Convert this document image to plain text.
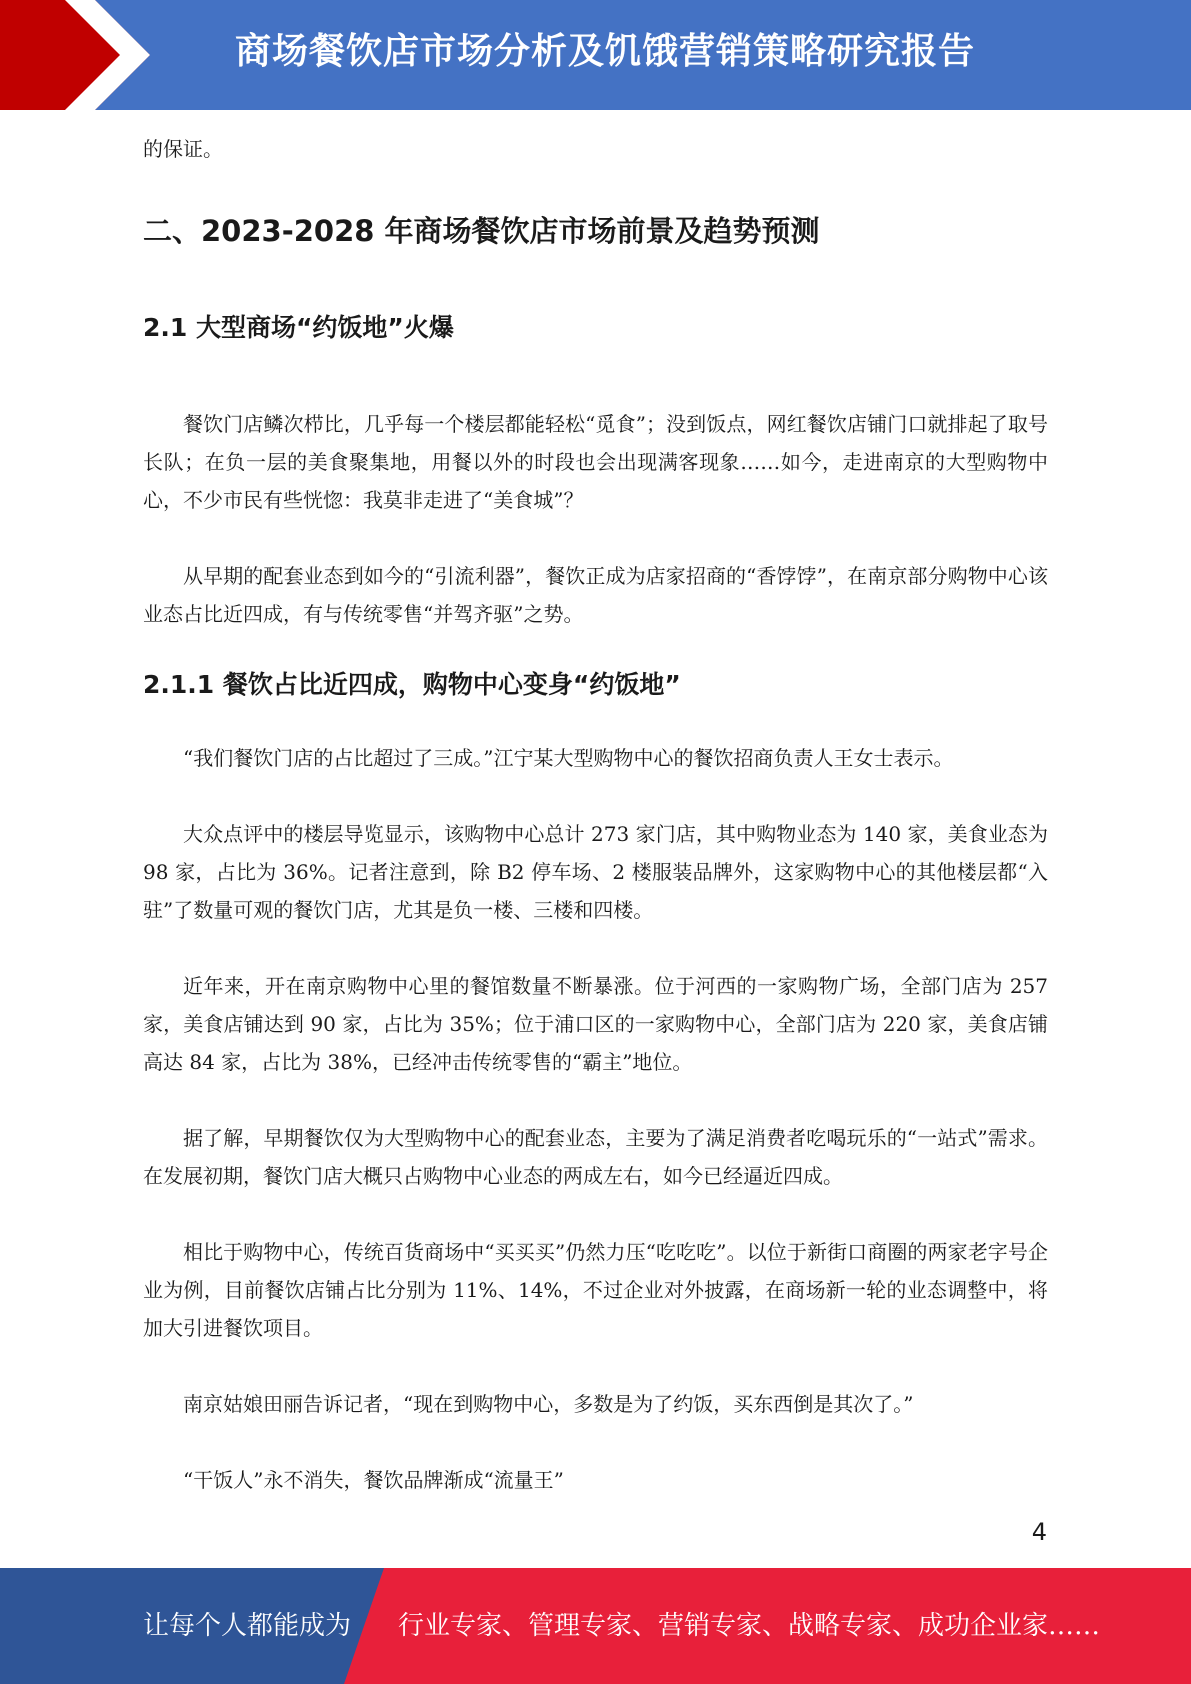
商场餐饮店市场分析及饥饿营销策略研究报告

的保证。

二、2023-2028 年商场餐饮店市场前景及趋势预测
2.1 大型商场“约饭地”火爆

餐饮门店鳞次栉比，几乎每一个楼层都能轻松“觅食”；没到饭点，网红餐饮店铺门口就排起了取号长队；在负一层的美食聚集地，用餐以外的时段也会出现满客现象……如今，走进南京的大型购物中心，不少市民有些恍惚：我莫非走进了“美食城”？

从早期的配套业态到如今的“引流利器”，餐饮正成为店家招商的“香饽饽”，在南京部分购物中心该业态占比近四成，有与传统零售“并驾齐驱”之势。

2.1.1 餐饮占比近四成，购物中心变身“约饭地”

“我们餐饮门店的占比超过了三成。”江宁某大型购物中心的餐饮招商负责人王女士表示。

大众点评中的楼层导览显示，该购物中心总计 273 家门店，其中购物业态为 140 家，美食业态为 98 家，占比为 36%。记者注意到，除 B2 停车场、2 楼服装品牌外，这家购物中心的其他楼层都“入驻”了数量可观的餐饮门店，尤其是负一楼、三楼和四楼。

近年来，开在南京购物中心里的餐馆数量不断暴涨。位于河西的一家购物广场，全部门店为 257 家，美食店铺达到 90 家，占比为 35%；位于浦口区的一家购物中心，全部门店为 220 家，美食店铺高达 84 家，占比为 38%，已经冲击传统零售的“霸主”地位。

据了解，早期餐饮仅为大型购物中心的配套业态，主要为了满足消费者吃喝玩乐的“一站式”需求。在发展初期，餐饮门店大概只占购物中心业态的两成左右，如今已经逼近四成。

相比于购物中心，传统百货商场中“买买买”仍然力压“吃吃吃”。以位于新街口商圈的两家老字号企业为例，目前餐饮店铺占比分别为 11%、14%，不过企业对外披露，在商场新一轮的业态调整中，将加大引进餐饮项目。

南京姑娘田丽告诉记者，“现在到购物中心，多数是为了约饭，买东西倒是其次了。”

“干饭人”永不消失，餐饮品牌渐成“流量王”

4
让每个人都能成为 行业专家、管理专家、营销专家、战略专家、成功企业家……
